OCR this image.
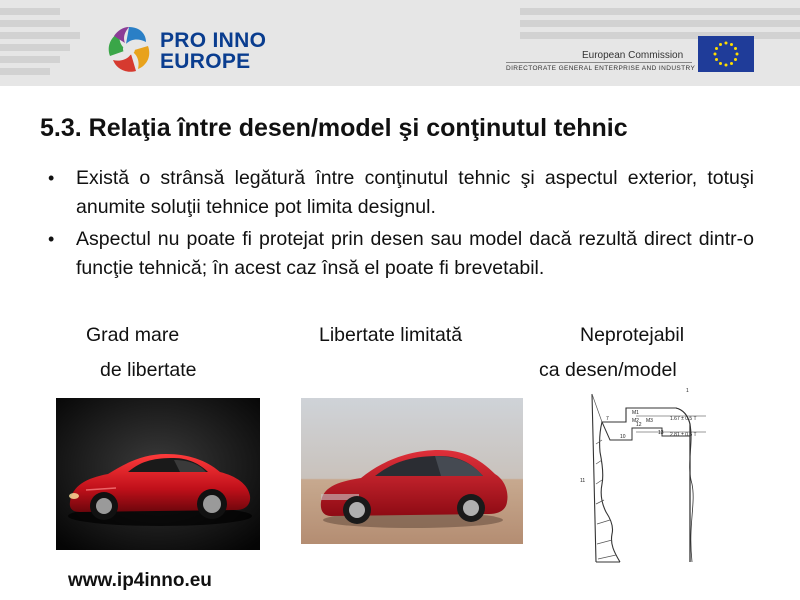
PRO INNO
EUROPE	European Commission
DIRECTORATE GENERAL ENTERPRISE AND INDUSTRY
5.3. Relaţia între desen/model şi conţinutul tehnic
• Există o strânsă legătură între conţinutul tehnic şi aspectul exterior, totuşi anumite soluţii tehnice pot limita designul.
• Aspectul nu poate fi protejat prin desen sau model dacă rezultă direct dintr-o funcţie tehnică; în acest caz însă el poate fi brevetabil.
Grad mare
de libertate
Libertate limitată	Neprotejabil
ca desen/model
7
10
11
12
13
M1
M2 M3	1.67 ± 0.5 T
2.81 ± 0.5 T
1
www.ip4inno.eu
